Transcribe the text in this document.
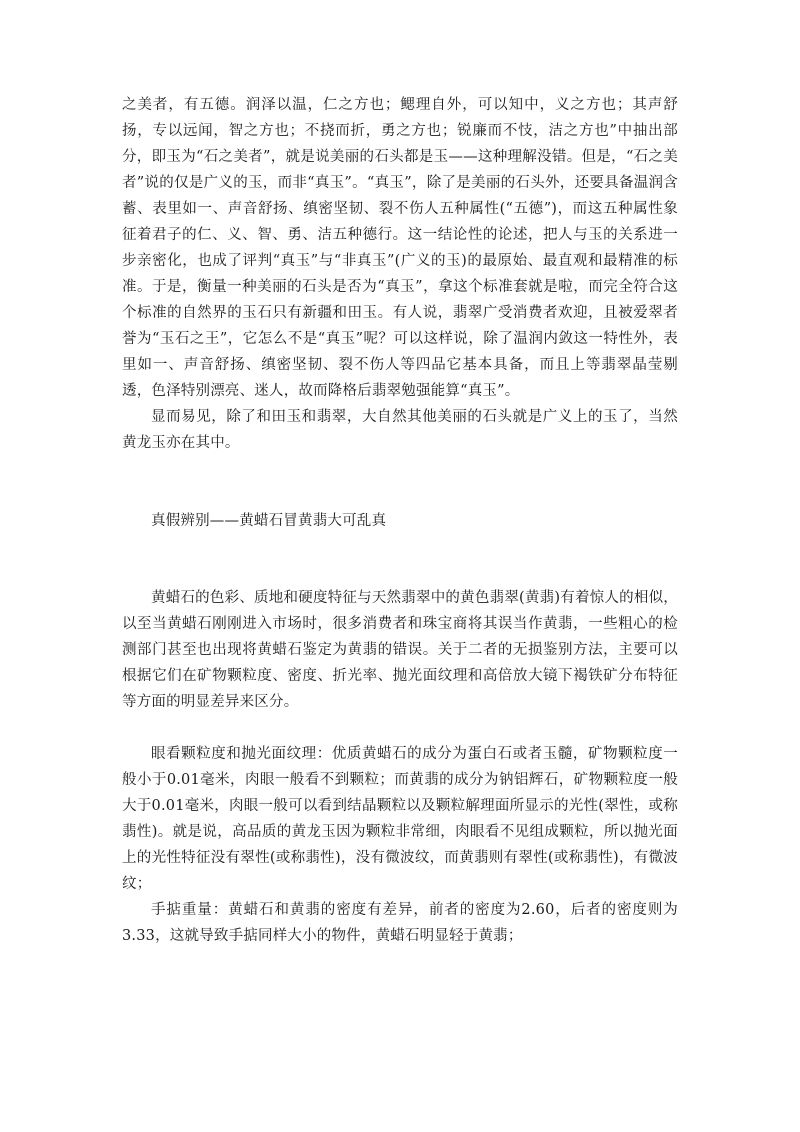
之美者，有五德。润泽以温，仁之方也；鳃理自外，可以知中，义之方也；其声舒扬，专以远闻，智之方也；不挠而折，勇之方也；锐廉而不忮，洁之方也”中抽出部分，即玉为“石之美者”，就是说美丽的石头都是玉——这种理解没错。但是，“石之美者”说的仅是广义的玉，而非“真玉”。“真玉”，除了是美丽的石头外，还要具备温润含蓄、表里如一、声音舒扬、缜密坚韧、裂不伤人五种属性(“五德”)，而这五种属性象征着君子的仁、义、智、勇、洁五种德行。这一结论性的论述，把人与玉的关系进一步亲密化，也成了评判“真玉”与“非真玉”(广义的玉)的最原始、最直观和最精准的标准。于是，衡量一种美丽的石头是否为“真玉”，拿这个标准套就是啦，而完全符合这个标准的自然界的玉石只有新疆和田玉。有人说，翡翠广受消费者欢迎，且被爱翠者誉为“玉石之王”，它怎么不是“真玉”呢？可以这样说，除了温润内敛这一特性外，表里如一、声音舒扬、缜密坚韧、裂不伤人等四品它基本具备，而且上等翡翠晶莹剔透，色泽特别漂亮、迷人，故而降格后翡翠勉强能算“真玉”。

显而易见，除了和田玉和翡翠，大自然其他美丽的石头就是广义上的玉了，当然黄龙玉亦在其中。

真假辨别——黄蜡石冒黄翡大可乱真

黄蜡石的色彩、质地和硬度特征与天然翡翠中的黄色翡翠(黄翡)有着惊人的相似，以至当黄蜡石刚刚进入市场时，很多消费者和珠宝商将其误当作黄翡，一些粗心的检测部门甚至也出现将黄蜡石鉴定为黄翡的错误。关于二者的无损鉴别方法，主要可以根据它们在矿物颗粒度、密度、折光率、抛光面纹理和高倍放大镜下褐铁矿分布特征等方面的明显差异来区分。

眼看颗粒度和抛光面纹理：优质黄蜡石的成分为蛋白石或者玉髓，矿物颗粒度一般小于0.01毫米，肉眼一般看不到颗粒；而黄翡的成分为钠铝辉石，矿物颗粒度一般大于0.01毫米，肉眼一般可以看到结晶颗粒以及颗粒解理面所显示的光性(翠性，或称翡性)。就是说，高品质的黄龙玉因为颗粒非常细，肉眼看不见组成颗粒，所以抛光面上的光性特征没有翠性(或称翡性)，没有微波纹，而黄翡则有翠性(或称翡性)，有微波纹；

手掂重量：黄蜡石和黄翡的密度有差异，前者的密度为2.60，后者的密度则为3.33，这就导致手掂同样大小的物件，黄蜡石明显轻于黄翡；
